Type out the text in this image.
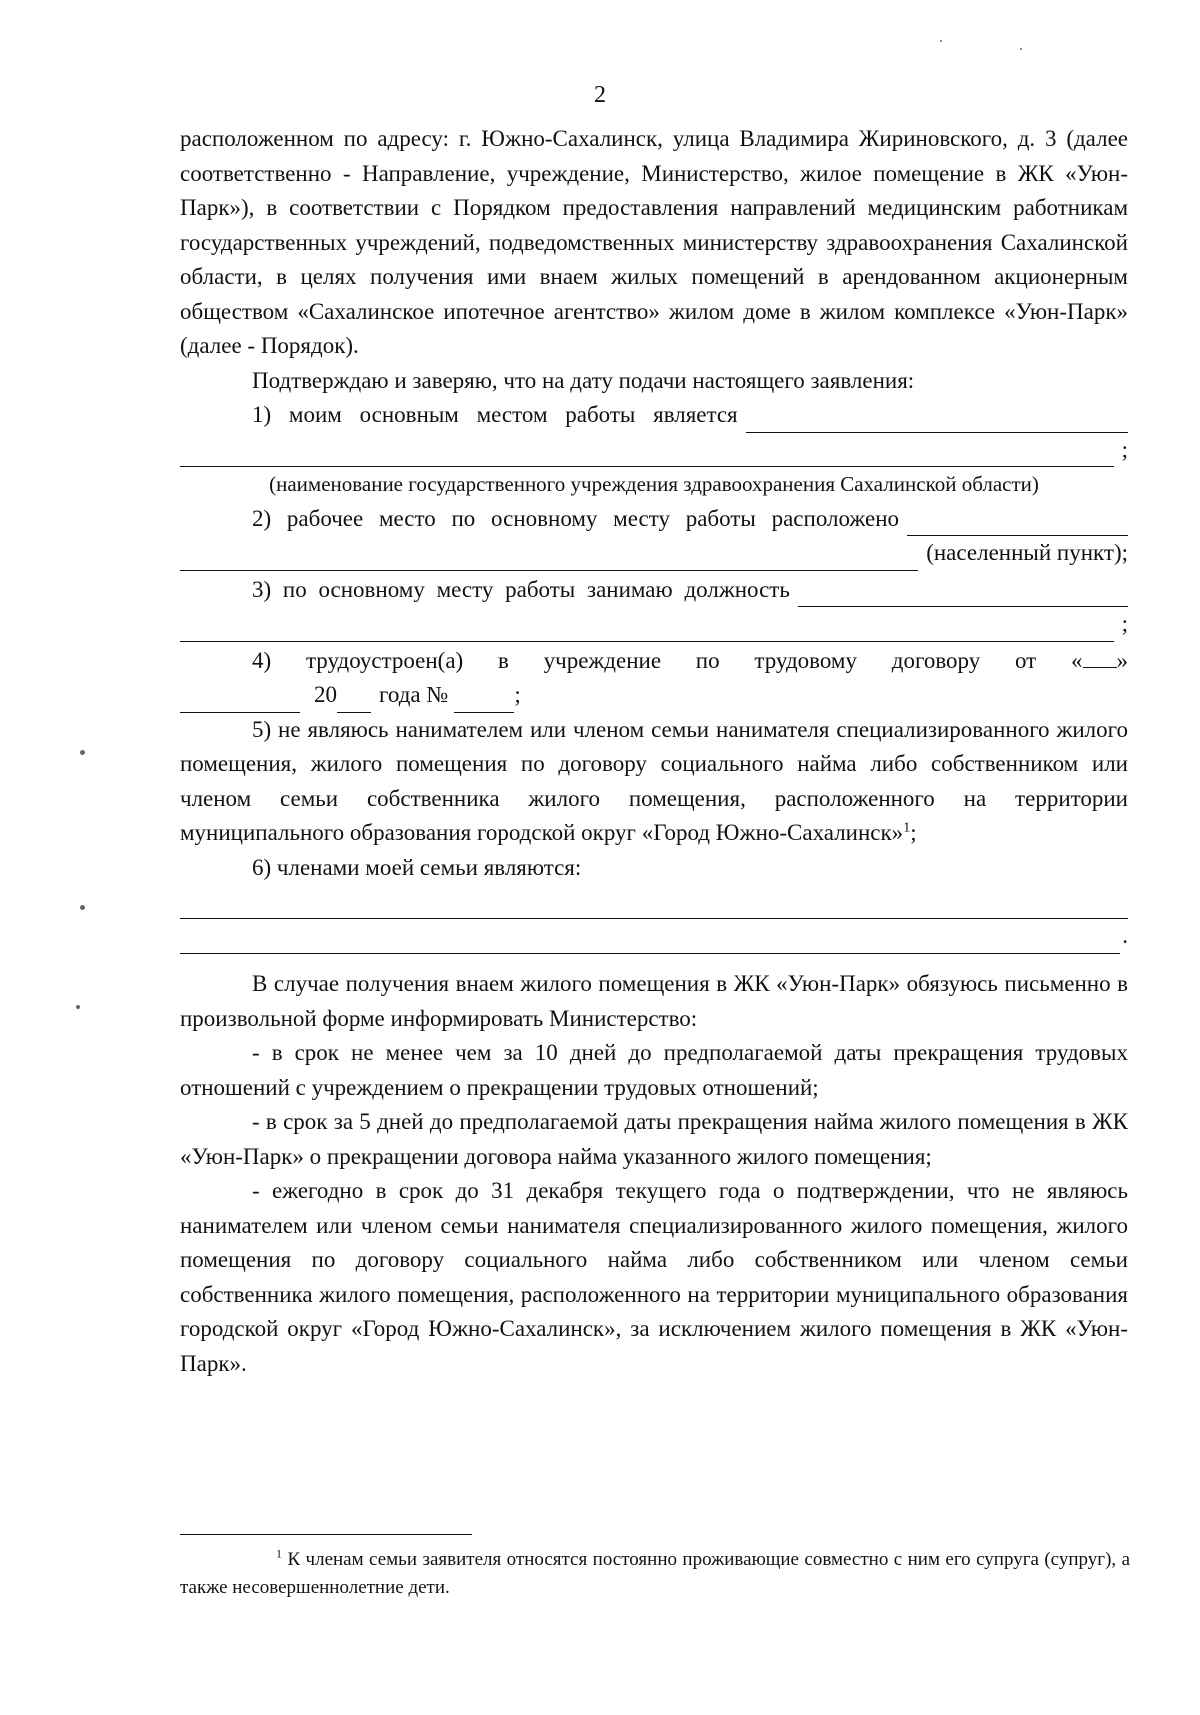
2

расположенном по адресу: г. Южно-Сахалинск, улица Владимира Жириновского, д. 3 (далее соответственно - Направление, учреждение, Министерство, жилое помещение в ЖК «Уюн-Парк»), в соответствии с Порядком предоставления направлений медицинским работникам государственных учреждений, подведомственных министерству здравоохранения Сахалинской области, в целях получения ими внаем жилых помещений в арендованном акционерным обществом «Сахалинское ипотечное агентство» жилом доме в жилом комплексе «Уюн-Парк» (далее - Порядок).

Подтверждаю и заверяю, что на дату подачи настоящего заявления:

1) моим основным местом работы является
;
(наименование государственного учреждения здравоохранения Сахалинской области)
2) рабочее место по основному месту работы расположено
(населенный пункт);
3) по основному месту работы занимаю должность
;
4) трудоустроен(а) в учреждение по трудовому договору от « »
20 года №	;

5) не являюсь нанимателем или членом семьи нанимателя специализированного жилого помещения, жилого помещения по договору социального найма либо собственником или членом семьи собственника жилого помещения, расположенного на территории муниципального образования городской округ «Город Южно-Сахалинск»$^1$;

6) членами моей семьи являются:

.

В случае получения внаем жилого помещения в ЖК «Уюн-Парк» обязуюсь письменно в произвольной форме информировать Министерство:

- в срок не менее чем за 10 дней до предполагаемой даты прекращения трудовых отношений с учреждением о прекращении трудовых отношений;

- в срок за 5 дней до предполагаемой даты прекращения найма жилого помещения в ЖК «Уюн-Парк» о прекращении договора найма указанного жилого помещения;

- ежегодно в срок до 31 декабря текущего года о подтверждении, что не являюсь нанимателем или членом семьи нанимателя специализированного жилого помещения, жилого помещения по договору социального найма либо собственником или членом семьи собственника жилого помещения, расположенного на территории муниципального образования городской округ «Город Южно-Сахалинск», за исключением жилого помещения в ЖК «Уюн-Парк».

$^1$ К членам семьи заявителя относятся постоянно проживающие совместно с ним его супруга (супруг), а также несовершеннолетние дети.
